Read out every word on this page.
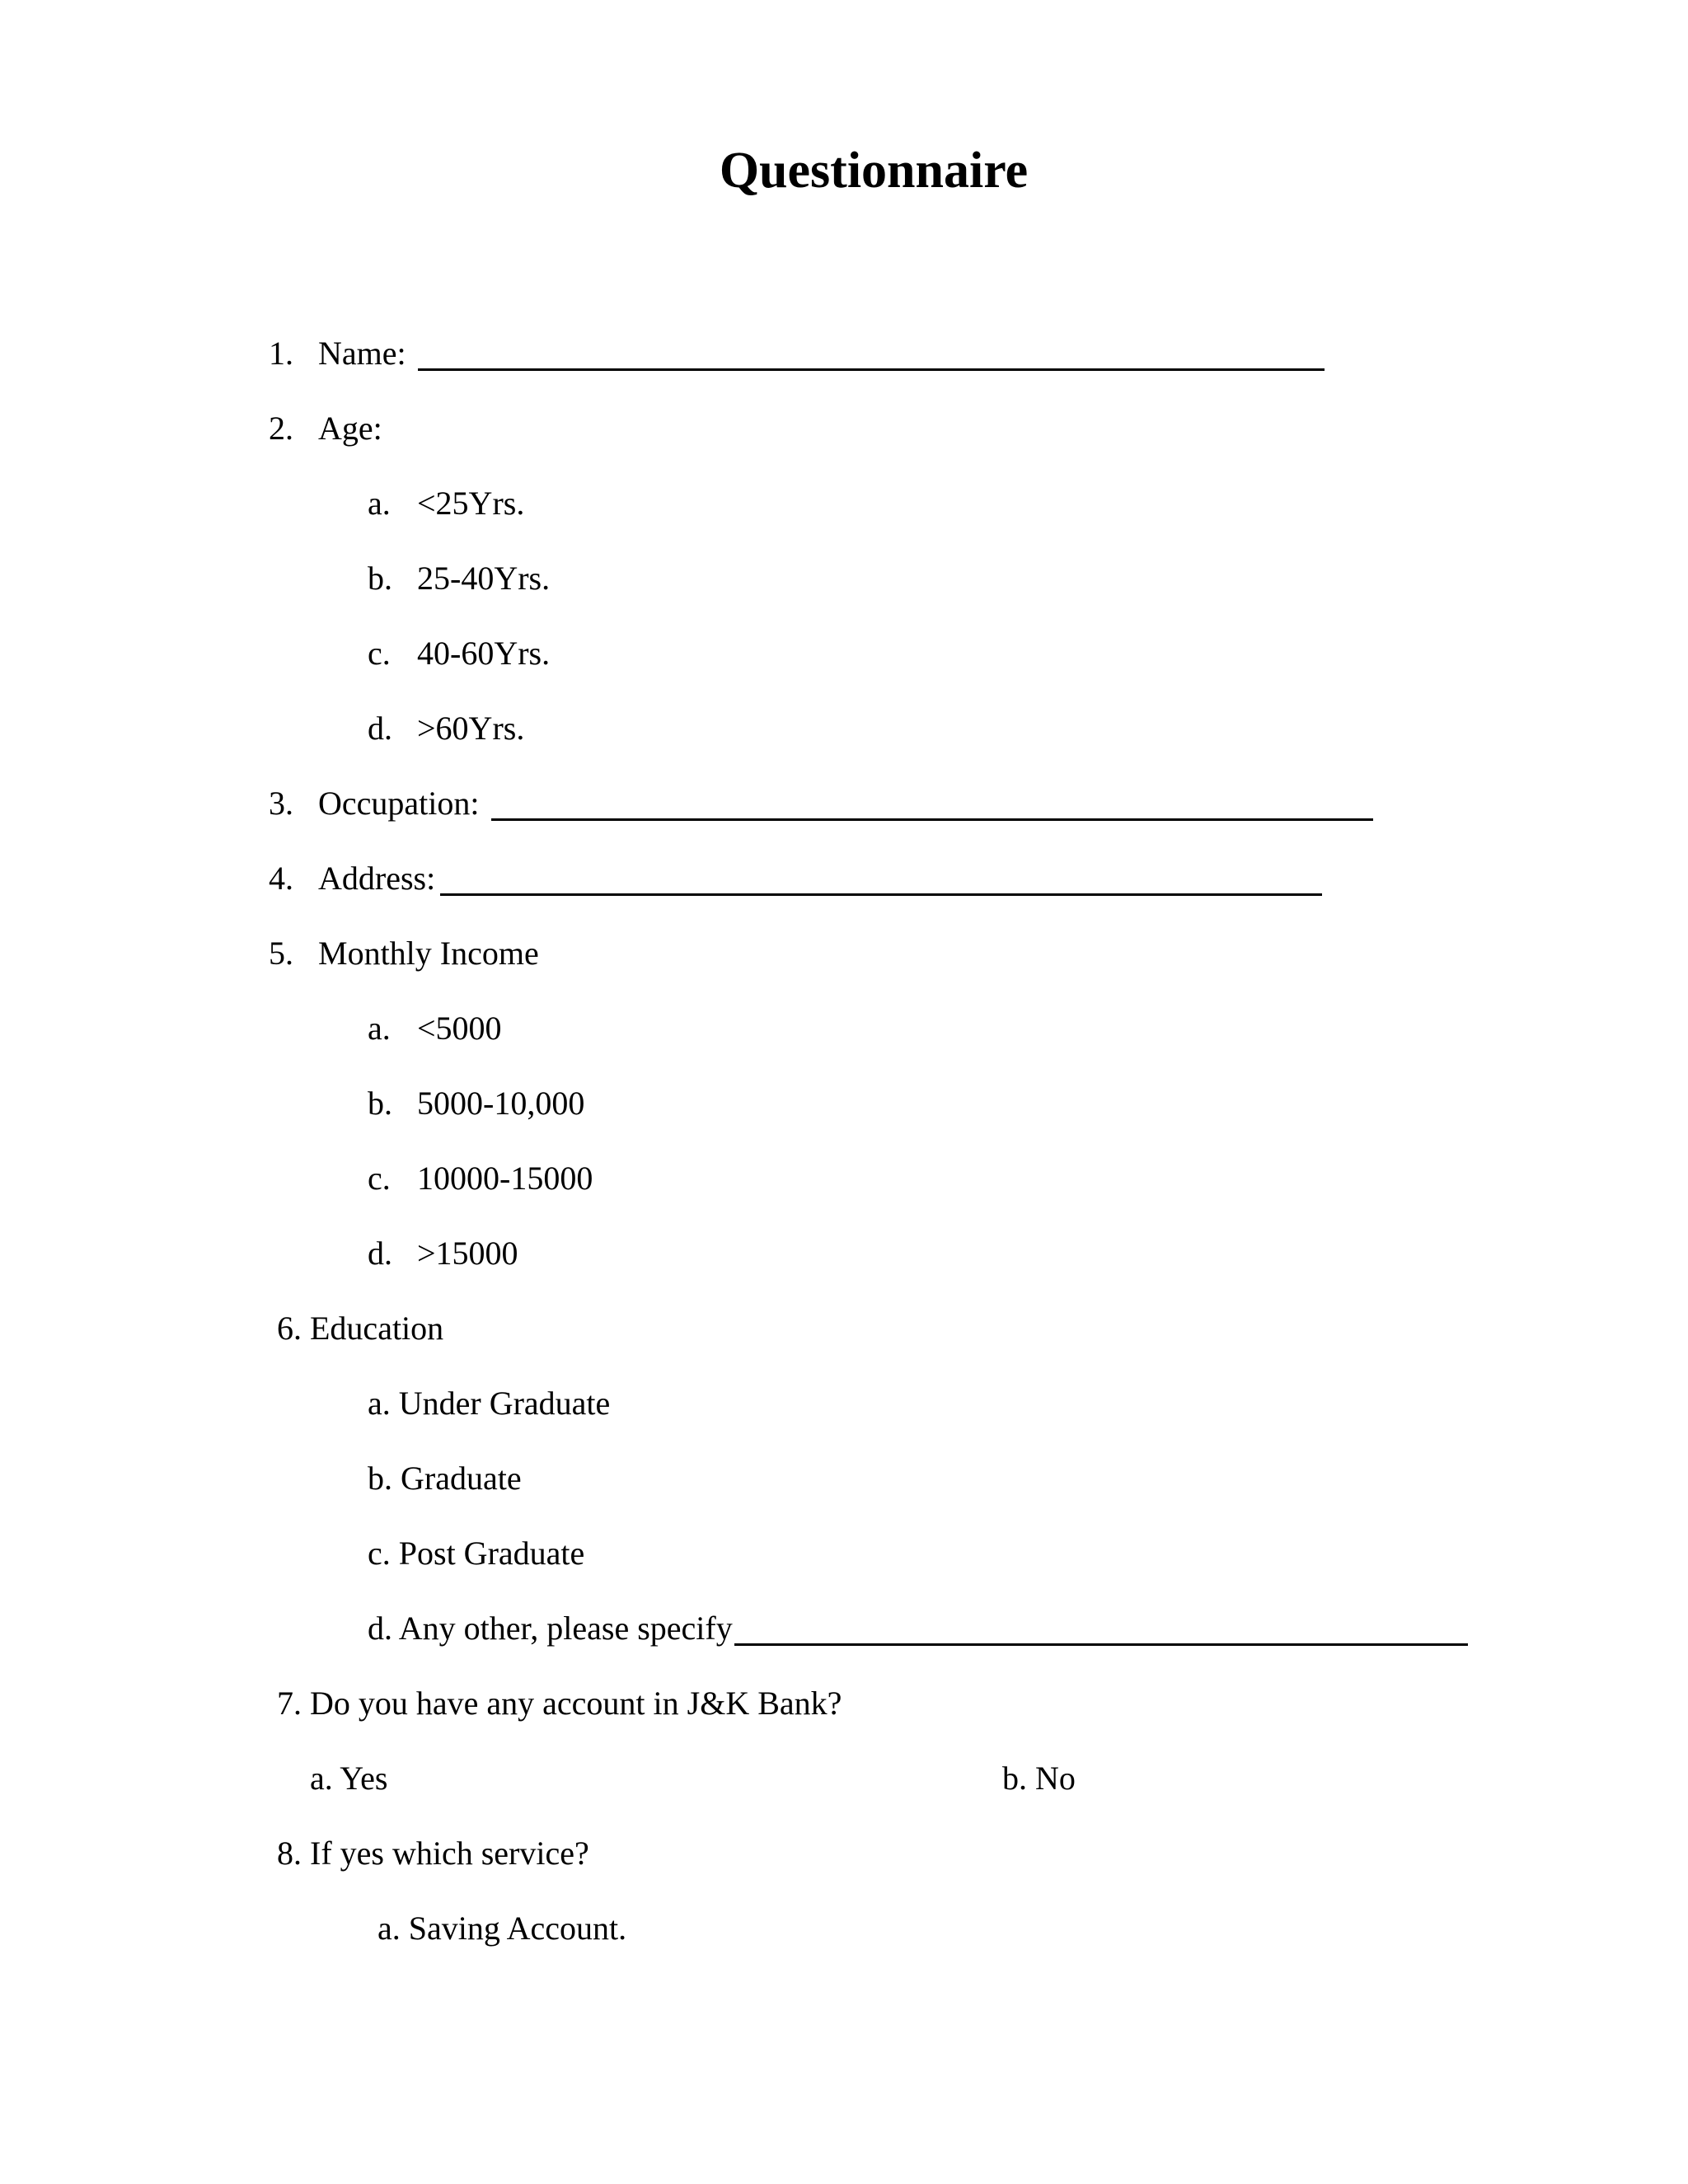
Questionnaire
1. Name:
2. Age:
a. <25Yrs.
b. 25-40Yrs.
c. 40-60Yrs.
d. >60Yrs.
3. Occupation:
4. Address:
5. Monthly Income
a. <5000
b. 5000-10,000
c. 10000-15000
d. >15000
6. Education
a. Under Graduate
b. Graduate
c. Post Graduate
d. Any other, please specify
7. Do you have any account in J&K Bank?
a. Yes	b. No
8. If yes which service?
a. Saving Account.
